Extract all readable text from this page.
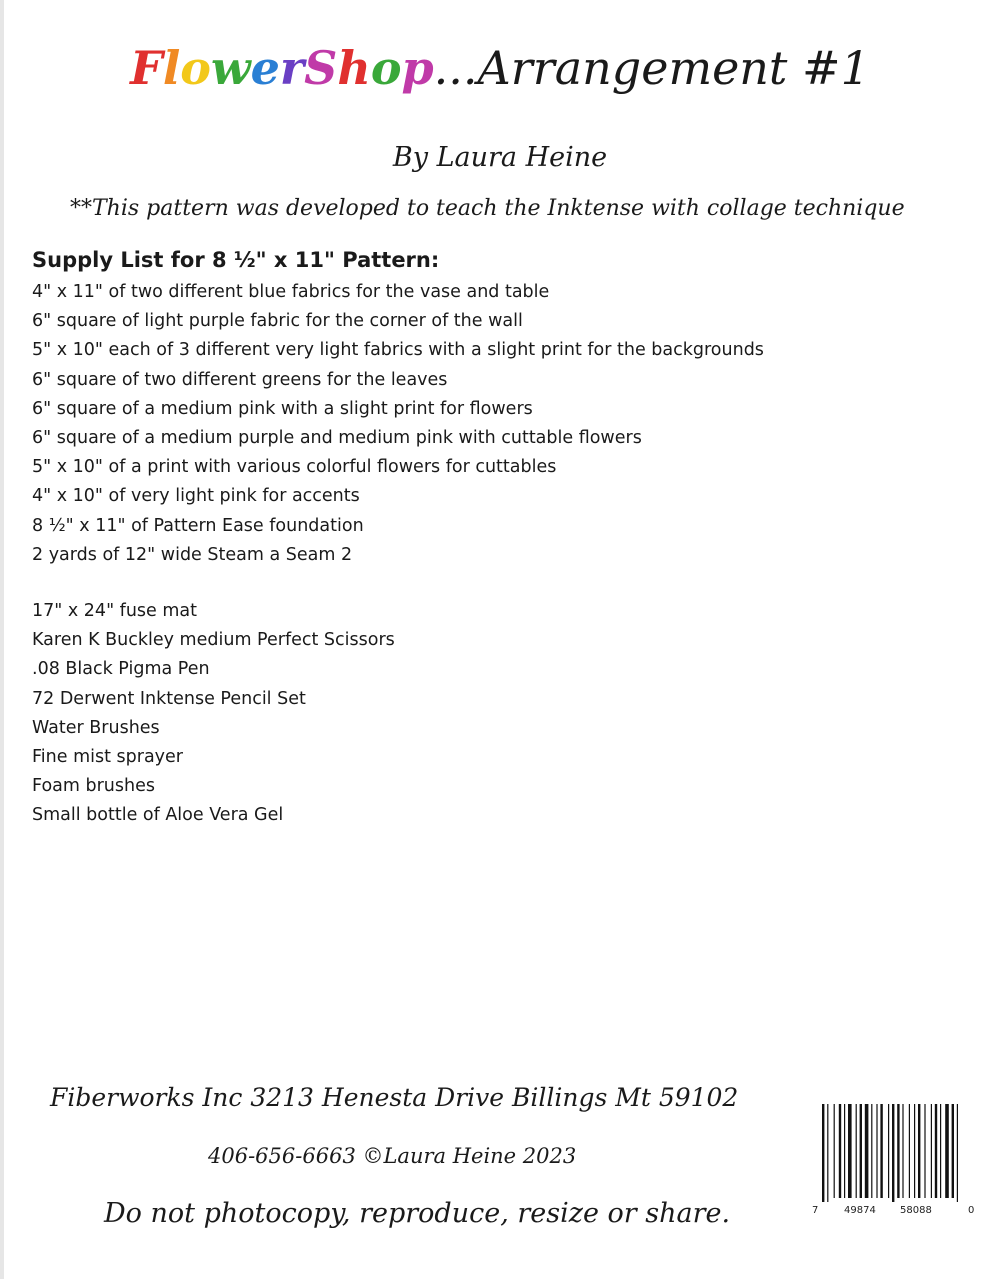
FlowerShop...Arrangement #1
By Laura Heine
**This pattern was developed to teach the Inktense with collage technique
Supply List for 8 ½" x 11" Pattern:
4" x 11" of two different blue fabrics for the vase and table
6" square of light purple fabric for the corner of the wall
5" x 10" each of 3 different very light fabrics with a slight print for the backgrounds
6" square of two different greens for the leaves
6" square of a medium pink with a slight print for flowers
6" square of a medium purple and medium pink with cuttable flowers
5" x 10" of a print with various colorful flowers for cuttables
4" x 10" of very light pink for accents
8 ½" x 11" of Pattern Ease foundation
2 yards of 12" wide Steam a Seam 2
17" x 24" fuse mat
Karen K Buckley medium Perfect Scissors
.08 Black Pigma Pen
72 Derwent Inktense Pencil Set
Water Brushes
Fine mist sprayer
Foam brushes
Small bottle of Aloe Vera Gel
Fiberworks Inc 3213 Henesta Drive Billings Mt 59102
406-656-6663 ©Laura Heine 2023
Do not photocopy, reproduce, resize or share.	7	49874 58088	0
